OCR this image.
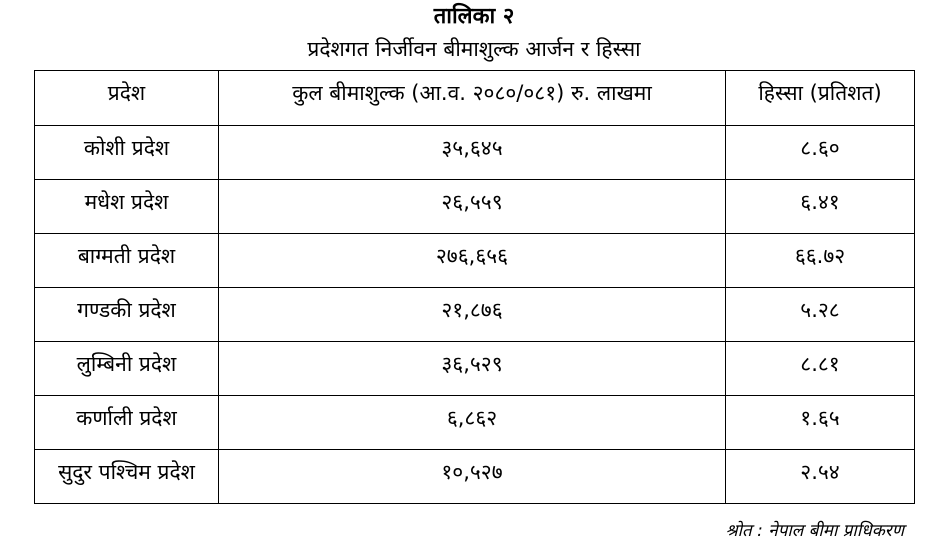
तालिका २
प्रदेशगत निर्जीवन बीमाशुल्क आर्जन र हिस्सा
प्रदेश	कुल बीमाशुल्क (आ.व. २०८०/०८१) रु. लाखमा	हिस्सा (प्रतिशत)
कोशी प्रदेश	३५,६४५	८.६०
मधेश प्रदेश	२६,५५९	६.४१
बाग्मती प्रदेश	२७६,६५६	६६.७२
गण्डकी प्रदेश	२१,८७६	५.२८
लुम्बिनी प्रदेश	३६,५२९	८.८१
कर्णाली प्रदेश	६,८६२	१.६५
सुदुर पश्चिम प्रदेश	१०,५२७	२.५४
श्रोत : नेपाल बीमा प्राधिकरण
